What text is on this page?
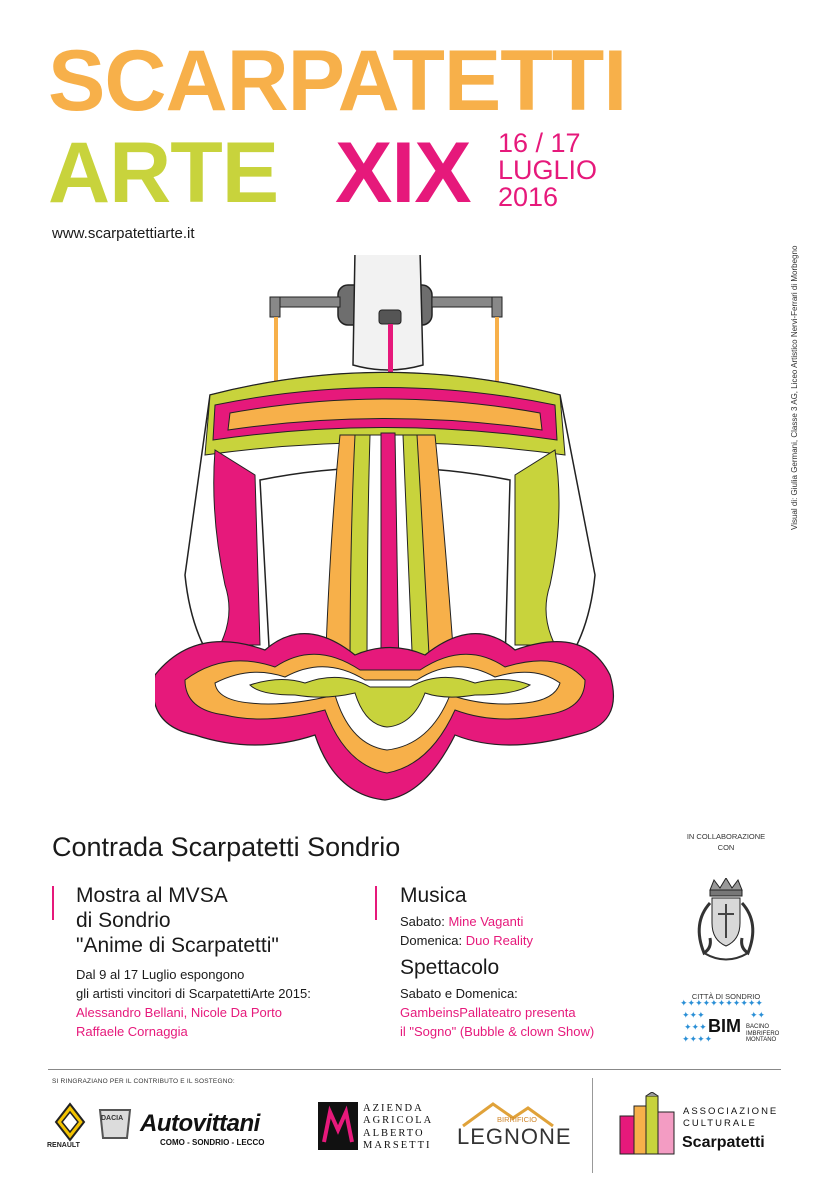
SCARPATETTI
ARTE XIX 16 / 17
LUGLIO
2016
www.scarpatettiarte.it
Visual di: Giulia Germani, Classe 3 AG, Liceo Artistico Nervi-Ferrari di Morbegno
Contrada Scarpatetti Sondrio
Mostra al MVSA
di Sondrio
"Anime di Scarpatetti"
Dal 9 al 17 Luglio espongono
gli artisti vincitori di ScarpatettiArte 2015:
Alessandro Bellani, Nicole Da Porto
Raffaele Cornaggia
Musica
Sabato: Mine Vaganti
Domenica: Duo Reality
Spettacolo
Sabato e Domenica:
GambeinsPallateatro presenta
il "Sogno" (Bubble & clown Show)
IN COLLABORAZIONE
CON
CITTÀ DI SONDRIO
✦✦✦✦✦✦✦✦✦✦✦
✦✦✦
✦✦✦
✦✦✦✦
✦✦
BIM BACINO
IMBRIFERO
MONTANO
SI RINGRAZIANO PER IL CONTRIBUTO E IL SOSTEGNO:
RENAULT
DACIA Autovittani
COMO - SONDRIO - LECCO
AZIENDA
AGRICOLA
ALBERTO
MARSETTI
BIRRIFICIO
LEGNONE
ASSOCIAZIONE
CULTURALE
Scarpatetti
